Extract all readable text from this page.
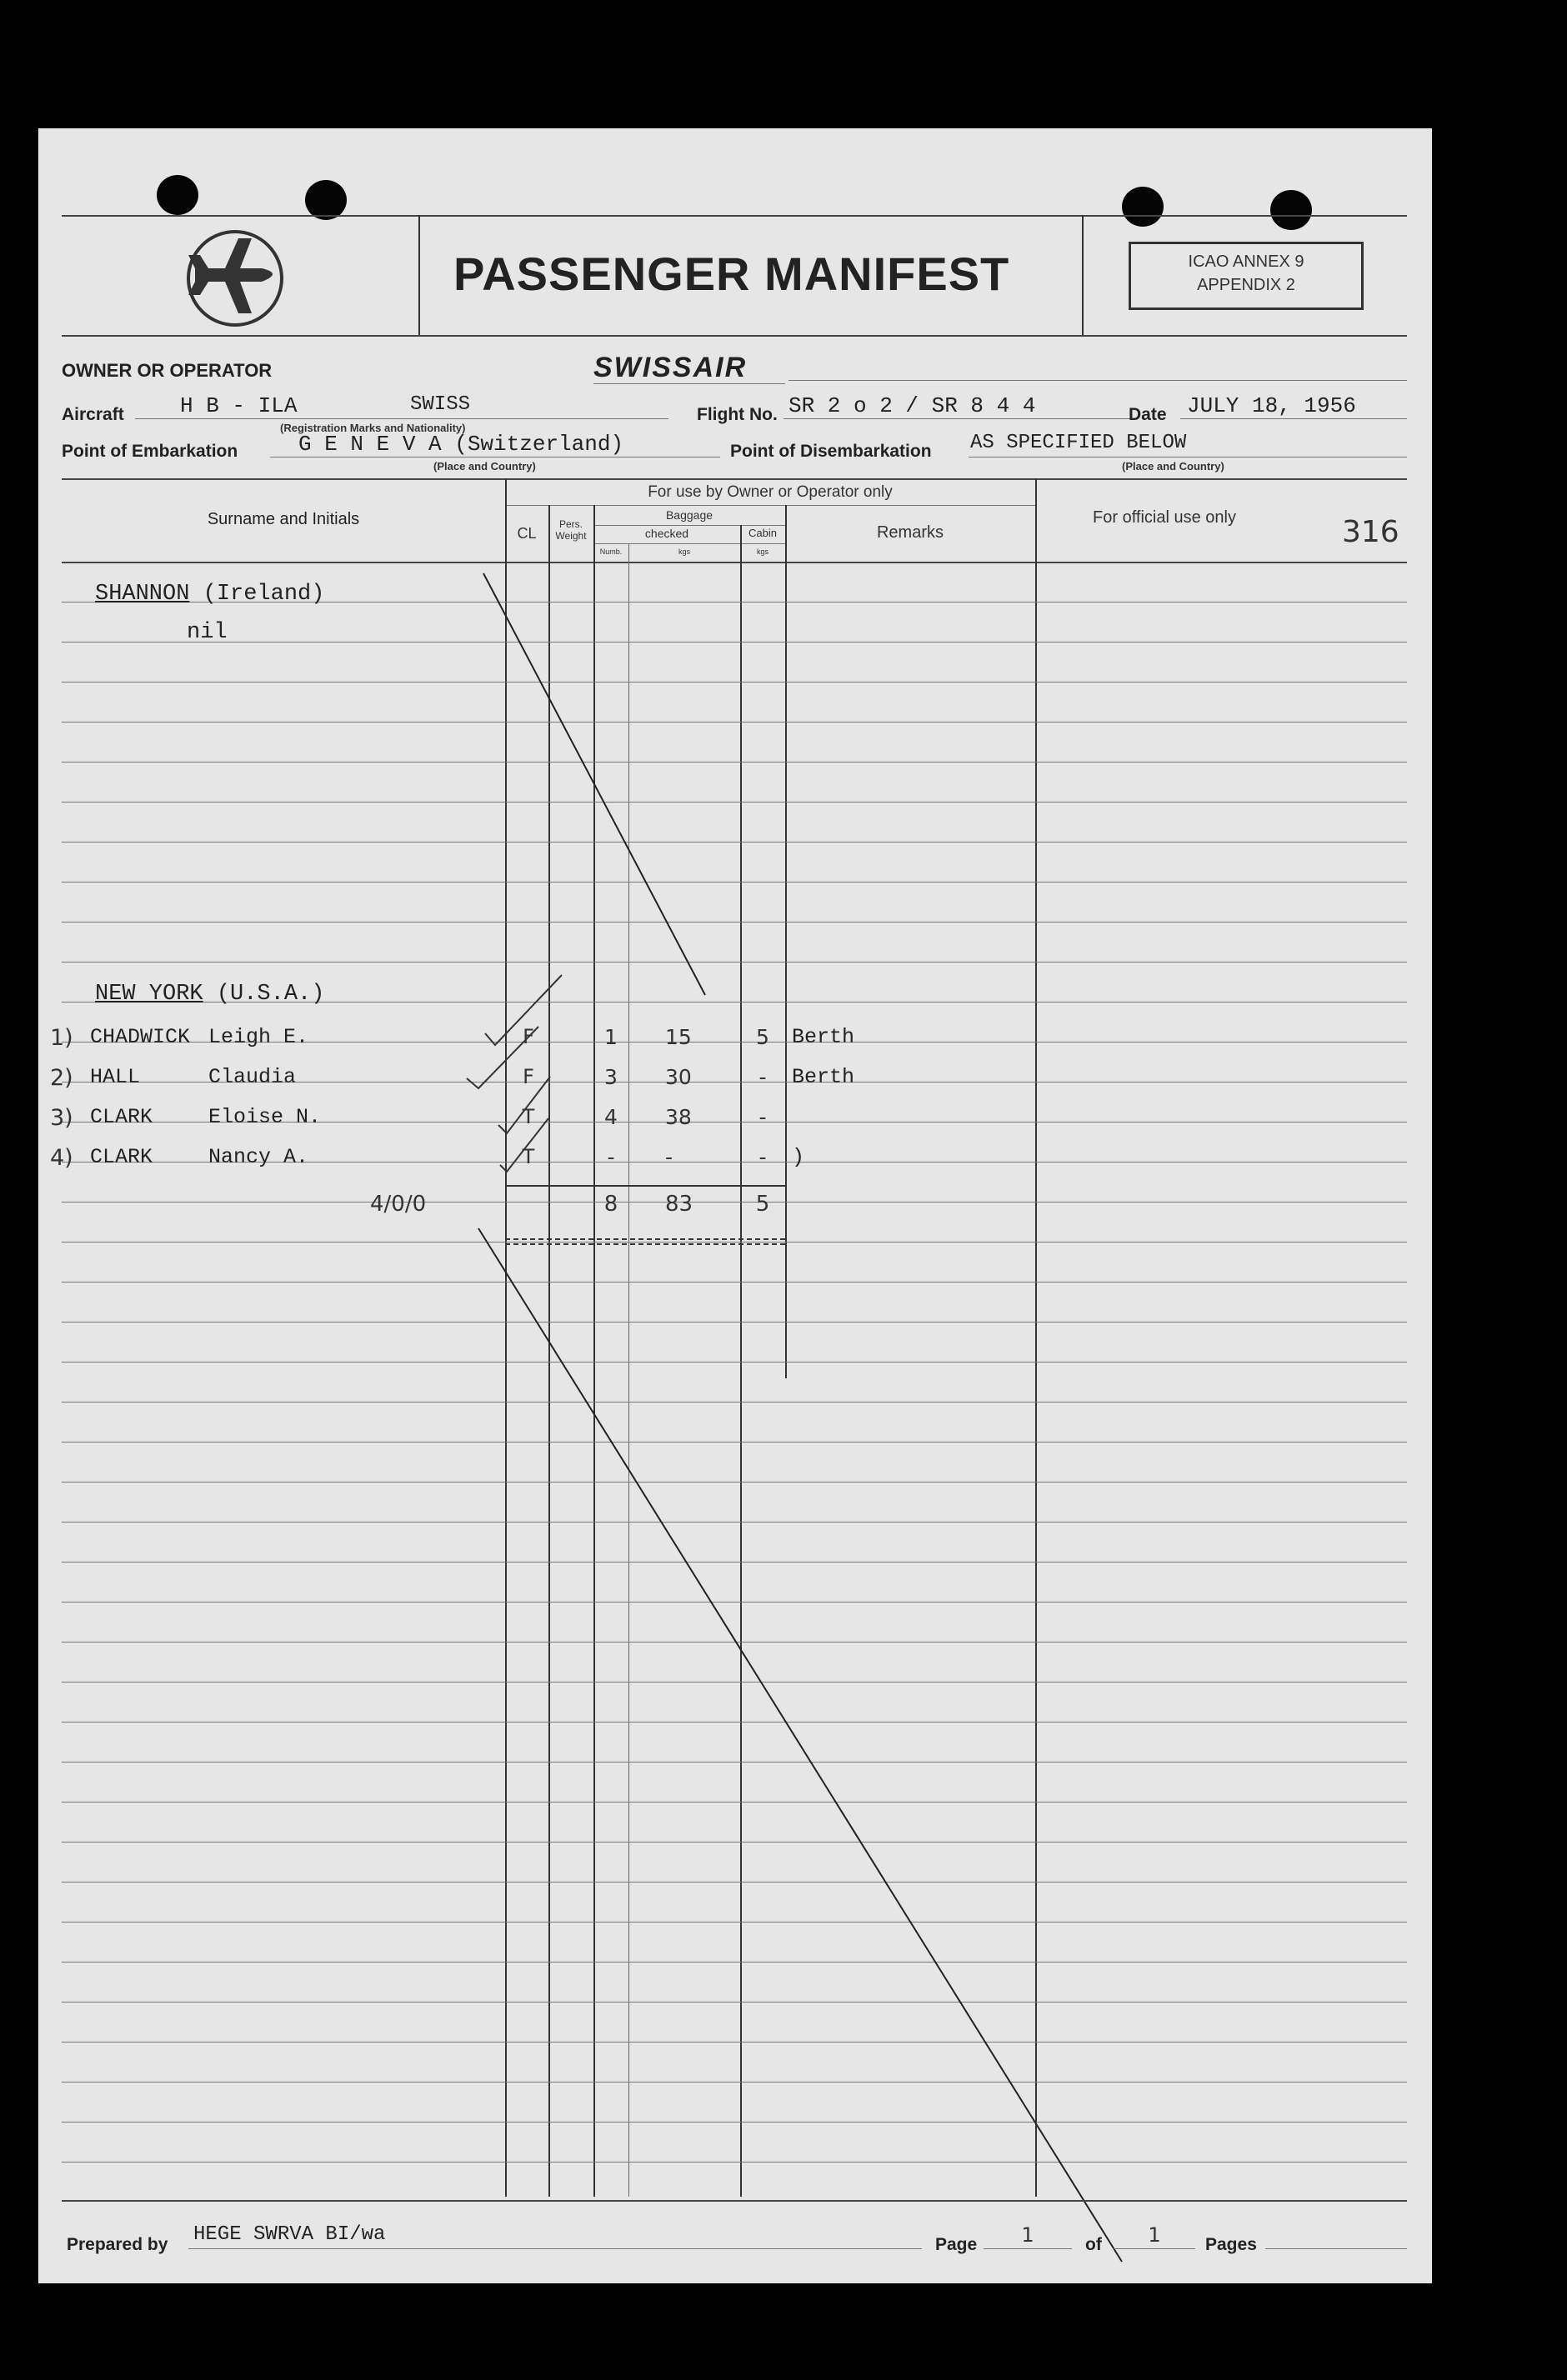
PASSENGER MANIFEST	ICAO ANNEX 9
APPENDIX 2
OWNER OR OPERATOR	SWISSAIR
Aircraft	H B - ILA	SWISS
(Registration Marks and Nationality)
Flight No. SR 2 o 2 / SR 8 4 4	Date JULY 18, 1956
Point of Embarkation	G E N E V A (Switzerland)
(Place and Country)
Point of Disembarkation AS SPECIFIED BELOW
(Place and Country)
Surname and Initials
For use by Owner or Operator only
CL
Pers.
Weight
Baggage
checked	Cabin
Numb.	kgs	kgs
Remarks
For official use only	316
SHANNON (Ireland)
nil
NEW YORK (U.S.A.)
1) CHADWICK Leigh E.	F	1	15	5	Berth
2) HALL	Claudia	F	3	30	-	Berth
3) CLARK	Eloise N.	T	4	38	-
4) CLARK	Nancy A.	T	-	-	-	)
4/0/0	8	83	5
Prepared by HEGE SWRVA BI/wa	Page	1	of	1	Pages
